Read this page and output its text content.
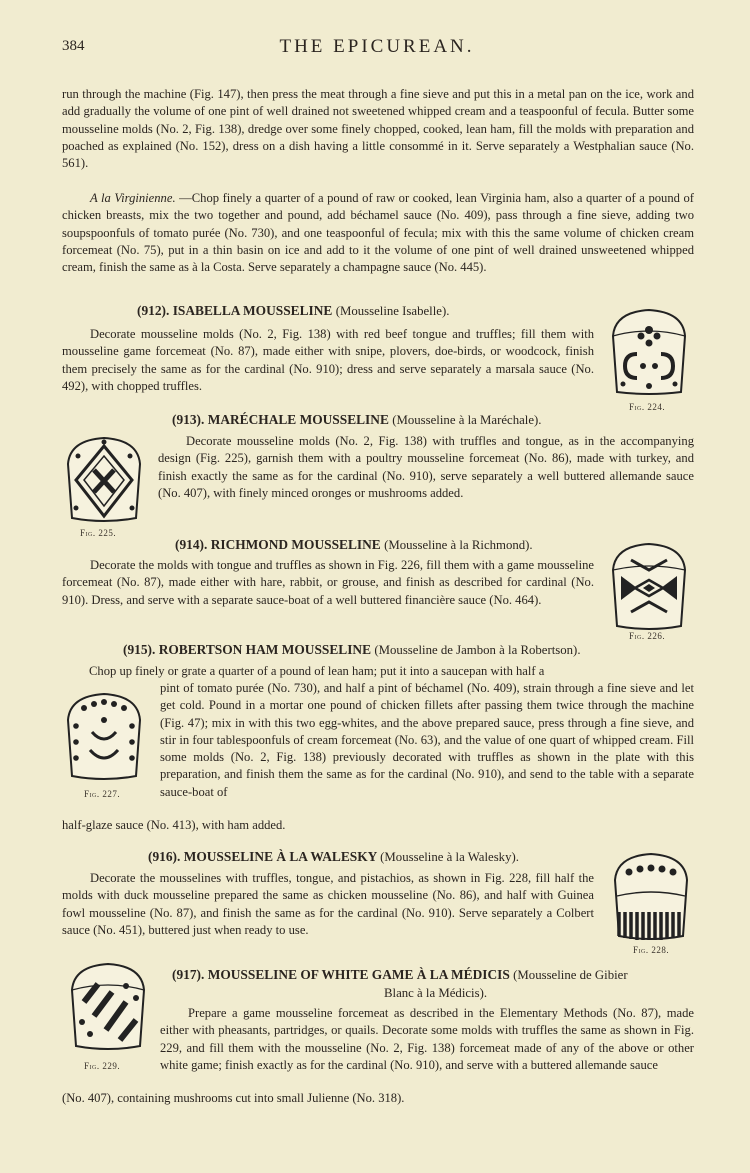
384	THE EPICUREAN.

run through the machine (Fig. 147), then press the meat through a fine sieve and put this in a metal pan on the ice, work and add gradually the volume of one pint of well drained not sweetened whipped cream and a teaspoonful of fecula. Butter some mousseline molds (No. 2, Fig. 138), dredge over some finely chopped, cooked, lean ham, fill the molds with preparation and poached as explained (No. 152), dress on a dish having a little consommé in it. Serve separately a Westphalian sauce (No. 561).

A la Virginienne. —Chop finely a quarter of a pound of raw or cooked, lean Virginia ham, also a quarter of a pound of chicken breasts, mix the two together and pound, add béchamel sauce (No. 409), pass through a fine sieve, adding two soupspoonfuls of tomato purée (No. 730), and one teaspoonful of fecula; mix with this the same volume of chicken cream forcemeat (No. 75), put in a thin basin on ice and add to it the volume of one pint of well drained unsweetened whipped cream, finish the same as à la Costa. Serve separately a champagne sauce (No. 445).

(912). ISABELLA MOUSSELINE (Mousseline Isabelle).

Decorate mousseline molds (No. 2, Fig. 138) with red beef tongue and truffles; fill them with mousseline game forcemeat (No. 87), made either with snipe, plovers, doe-birds, or woodcock, finish them precisely the same as for the cardinal (No. 910); dress and serve separately a marsala sauce (No. 492), with chopped truffles.

Fig. 224.

(913). MARÉCHALE MOUSSELINE (Mousseline à la Maréchale).

Decorate mousseline molds (No. 2, Fig. 138) with truffles and tongue, as in the accompanying design (Fig. 225), garnish them with a poultry mousseline forcemeat (No. 86), made with turkey, and finish exactly the same as for the cardinal (No. 910), serve separately a well buttered allemande sauce (No. 407), with finely minced oronges or mushrooms added.

Fig. 225.

(914). RICHMOND MOUSSELINE (Mousseline à la Richmond).

Decorate the molds with tongue and truffles as shown in Fig. 226, fill them with a game mousseline forcemeat (No. 87), made either with hare, rabbit, or grouse, and finish as described for cardinal (No. 910). Dress, and serve with a separate sauce-boat of a well buttered financière sauce (No. 464).

Fig. 226.

(915). ROBERTSON HAM MOUSSELINE (Mousseline de Jambon à la Robertson).

Chop up finely or grate a quarter of a pound of lean ham; put it into a saucepan with half a

pint of tomato purée (No. 730), and half a pint of béchamel (No. 409), strain through a fine sieve and let get cold. Pound in a mortar one pound of chicken fillets after passing them twice through the machine (Fig. 47); mix in with this two egg-whites, and the above prepared sauce, press through a fine sieve, and stir in four tablespoonfuls of cream forcemeat (No. 63), and the value of one quart of whipped cream. Fill some molds (No. 2, Fig. 138) previously decorated with truffles as shown in the plate with this preparation, and finish them the same as for the cardinal (No. 910), and send to the table with a separate sauce-boat of

half-glaze sauce (No. 413), with ham added.

Fig. 227.

(916). MOUSSELINE À LA WALESKY (Mousseline à la Walesky).

Decorate the mousselines with truffles, tongue, and pistachios, as shown in Fig. 228, fill half the molds with duck mousseline prepared the same as chicken mousseline (No. 86), and half with Guinea fowl mousseline (No. 87), and finish the same as for the cardinal (No. 910). Serve separately a Colbert sauce (No. 451), buttered just when ready to use.

Fig. 228.

(917). MOUSSELINE OF WHITE GAME À LA MÉDICIS (Mousseline de Gibier

Blanc à la Médicis).

Prepare a game mousseline forcemeat as described in the Elementary Methods (No. 87), made either with pheasants, partridges, or quails. Decorate some molds with truffles the same as shown in Fig. 229, and fill them with the mousseline (No. 2, Fig. 138) forcemeat made of any of the above or other white game; finish exactly as for the cardinal (No. 910), and serve with a buttered allemande sauce

(No. 407), containing mushrooms cut into small Julienne (No. 318).

Fig. 229.
